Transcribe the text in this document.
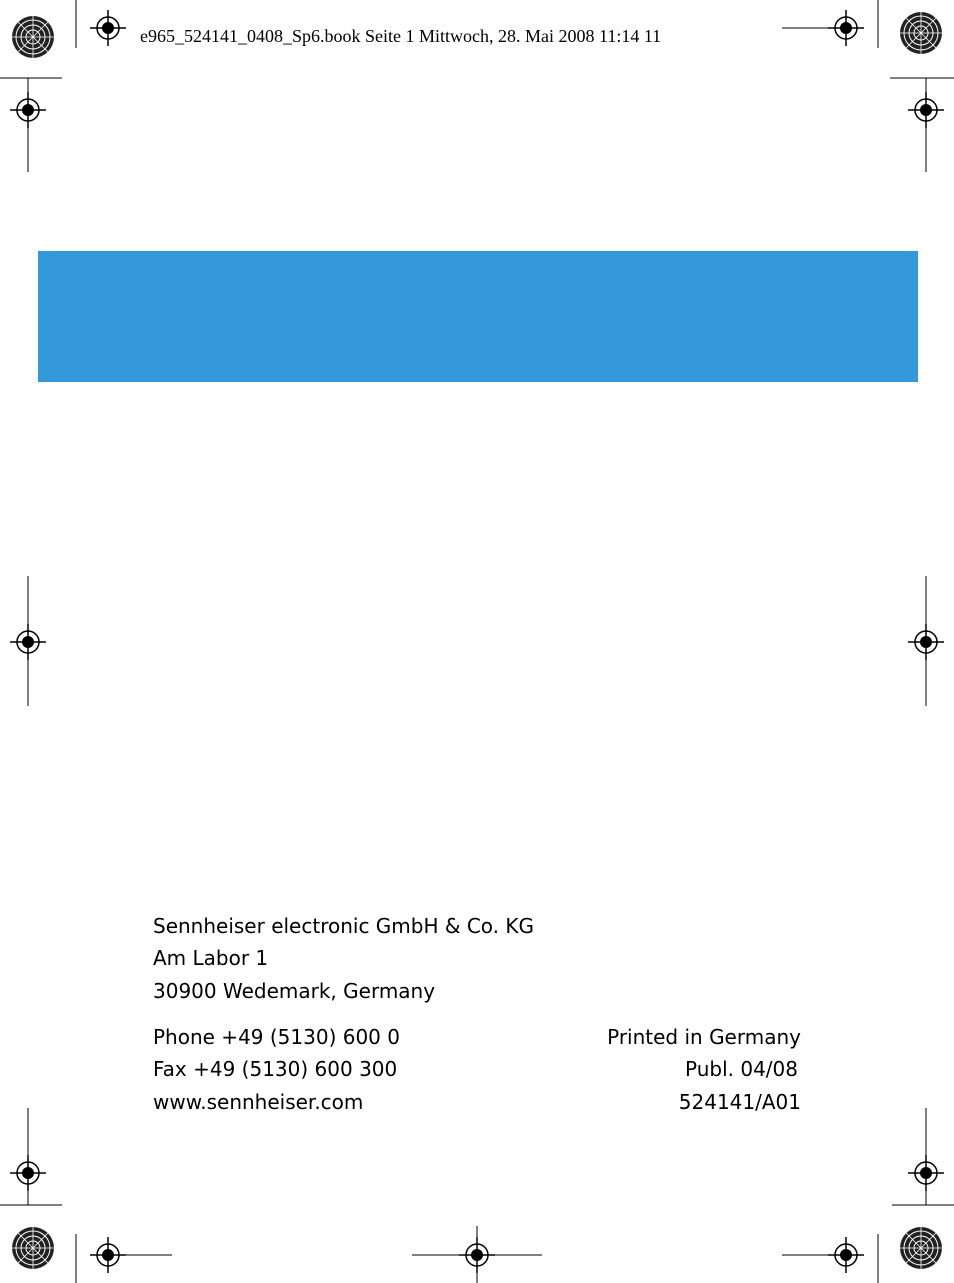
e965_524141_0408_Sp6.book Seite 1 Mittwoch, 28. Mai 2008 11:14 11
Sennheiser electronic GmbH & Co. KG
Am Labor 1
30900 Wedemark, Germany
Phone +49 (5130) 600 0
Fax +49 (5130) 600 300
www.sennheiser.com
Printed in Germany
Publ. 04/08
524141/A01
